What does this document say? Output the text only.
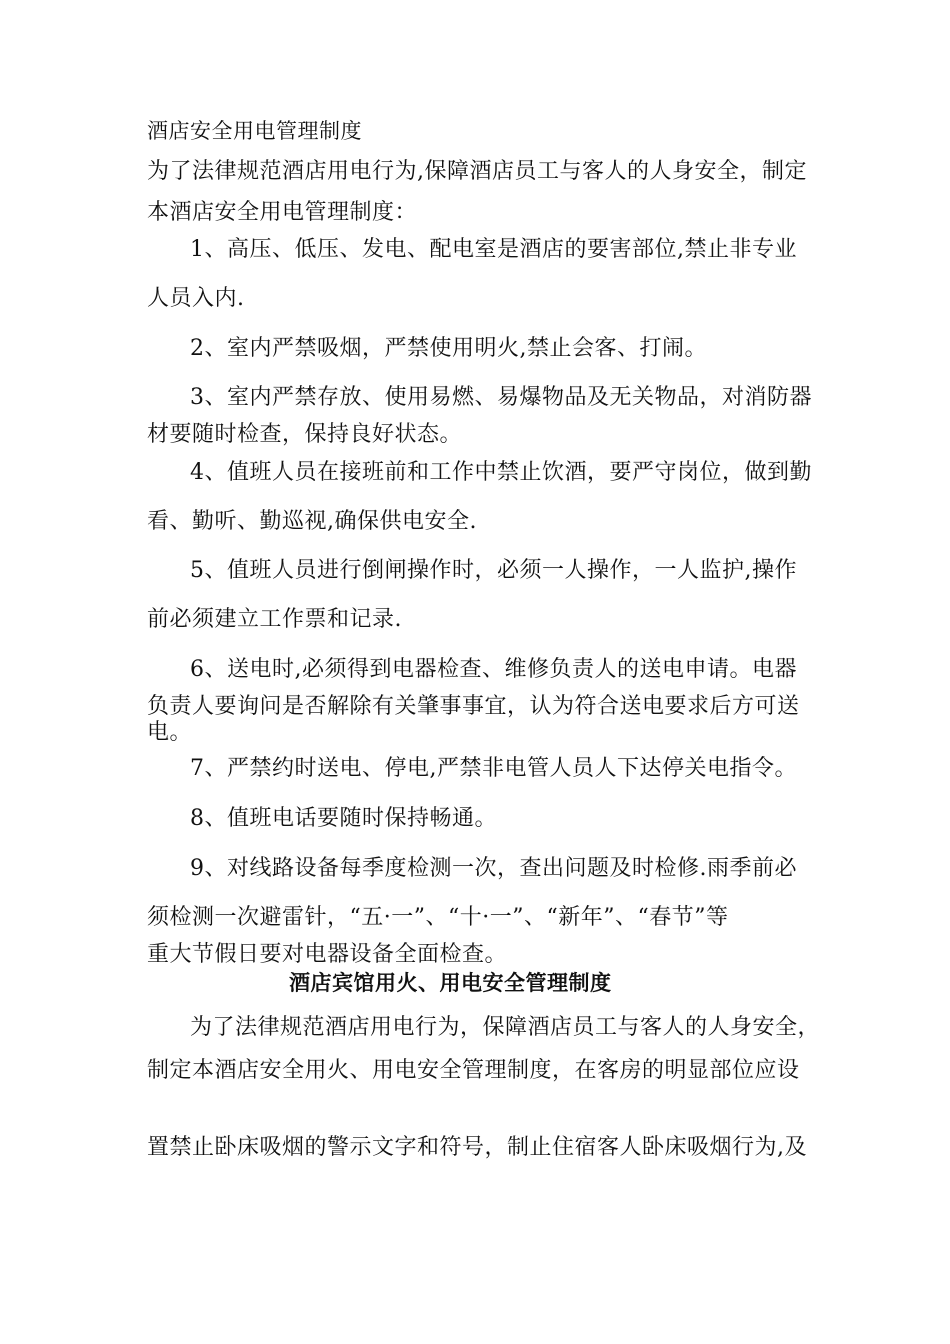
酒店安全用电管理制度
为了法律规范酒店用电行为,保障酒店员工与客人的人身安全，制定
本酒店安全用电管理制度：
1、高压、低压、发电、配电室是酒店的要害部位,禁止非专业
人员入内.
2、室内严禁吸烟，严禁使用明火,禁止会客、打闹。
3、室内严禁存放、使用易燃、易爆物品及无关物品，对消防器
材要随时检查，保持良好状态。
4、值班人员在接班前和工作中禁止饮酒，要严守岗位，做到勤
看、勤听、勤巡视,确保供电安全.
5、值班人员进行倒闸操作时，必须一人操作，一人监护,操作
前必须建立工作票和记录.
6、送电时,必须得到电器检查、维修负责人的送电申请。电器
负责人要询问是否解除有关肇事事宜，认为符合送电要求后方可送
电。
7、严禁约时送电、停电,严禁非电管人员人下达停关电指令。
8、值班电话要随时保持畅通。
9、对线路设备每季度检测一次，查出问题及时检修.雨季前必
须检测一次避雷针，“五·一”、“十·一”、“新年”、“春节”等
重大节假日要对电器设备全面检查。
酒店宾馆用火、用电安全管理制度
为了法律规范酒店用电行为，保障酒店员工与客人的人身安全，
制定本酒店安全用火、用电安全管理制度，在客房的明显部位应设
置禁止卧床吸烟的警示文字和符号，制止住宿客人卧床吸烟行为,及
